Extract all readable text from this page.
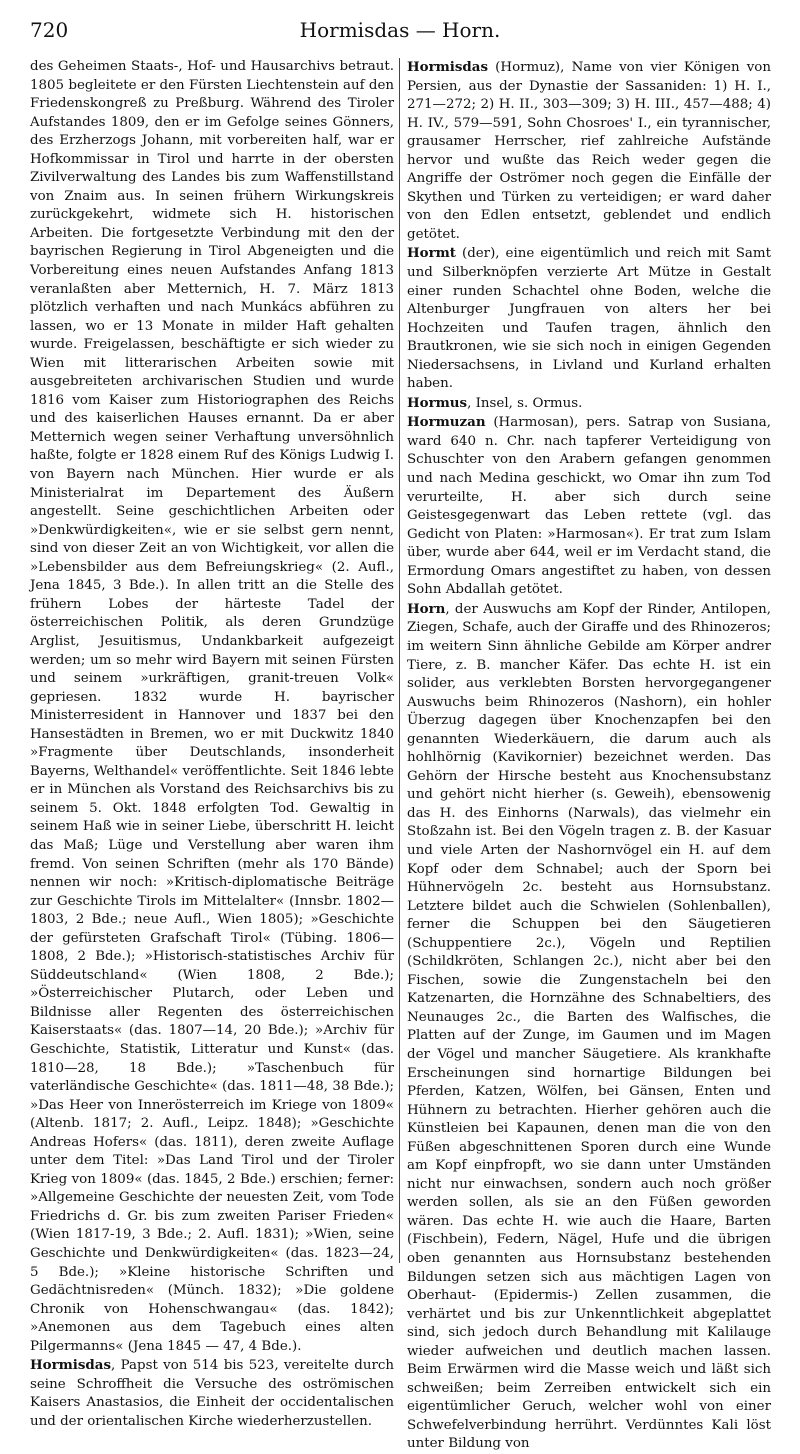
720	Hormisdas — Horn.

des Geheimen Staats-, Hof- und Hausarchivs betraut. 1805 begleitete er den Fürsten Liechtenstein auf den Friedenskongreß zu Preßburg. Während des Tiroler Aufstandes 1809, den er im Gefolge seines Gönners, des Erzherzogs Johann, mit vorbereiten half, war er Hofkommissar in Tirol und harrte in der obersten Zivilverwaltung des Landes bis zum Waffenstillstand von Znaim aus. In seinen frühern Wirkungskreis zurückgekehrt, widmete sich H. historischen Arbeiten. Die fortgesetzte Verbindung mit den der bayrischen Regierung in Tirol Abgeneigten und die Vorbereitung eines neuen Aufstandes Anfang 1813 veranlaßten aber Metternich, H. 7. März 1813 plötzlich verhaften und nach Munkács abführen zu lassen, wo er 13 Monate in milder Haft gehalten wurde. Freigelassen, beschäftigte er sich wieder zu Wien mit litterarischen Arbeiten sowie mit ausgebreiteten archivarischen Studien und wurde 1816 vom Kaiser zum Historiographen des Reichs und des kaiserlichen Hauses ernannt. Da er aber Metternich wegen seiner Verhaftung unversöhnlich haßte, folgte er 1828 einem Ruf des Königs Ludwig I. von Bayern nach München. Hier wurde er als Ministerialrat im Departement des Äußern angestellt. Seine geschichtlichen Arbeiten oder »Denkwürdigkeiten«, wie er sie selbst gern nennt, sind von dieser Zeit an von Wichtigkeit, vor allen die »Lebensbilder aus dem Befreiungskrieg« (2. Aufl., Jena 1845, 3 Bde.). In allen tritt an die Stelle des frühern Lobes der härteste Tadel der österreichischen Politik, als deren Grundzüge Arglist, Jesuitismus, Undankbarkeit aufgezeigt werden; um so mehr wird Bayern mit seinen Fürsten und seinem »urkräftigen, granit-treuen Volk« gepriesen. 1832 wurde H. bayrischer Ministerresident in Hannover und 1837 bei den Hansestädten in Bremen, wo er mit Duckwitz 1840 »Fragmente über Deutschlands, insonderheit Bayerns, Welthandel« veröffentlichte. Seit 1846 lebte er in München als Vorstand des Reichsarchivs bis zu seinem 5. Okt. 1848 erfolgten Tod. Gewaltig in seinem Haß wie in seiner Liebe, überschritt H. leicht das Maß; Lüge und Verstellung aber waren ihm fremd. Von seinen Schriften (mehr als 170 Bände) nennen wir noch: »Kritisch-diplomatische Beiträge zur Geschichte Tirols im Mittelalter« (Innsbr. 1802—1803, 2 Bde.; neue Aufl., Wien 1805); »Geschichte der gefürsteten Grafschaft Tirol« (Tübing. 1806—1808, 2 Bde.); »Historisch-statistisches Archiv für Süddeutschland« (Wien 1808, 2 Bde.); »Österreichischer Plutarch, oder Leben und Bildnisse aller Regenten des österreichischen Kaiserstaats« (das. 1807—14, 20 Bde.); »Archiv für Geschichte, Statistik, Litteratur und Kunst« (das. 1810—28, 18 Bde.); »Taschenbuch für vaterländische Geschichte« (das. 1811—48, 38 Bde.); »Das Heer von Innerösterreich im Kriege von 1809« (Altenb. 1817; 2. Aufl., Leipz. 1848); »Geschichte Andreas Hofers« (das. 1811), deren zweite Auflage unter dem Titel: »Das Land Tirol und der Tiroler Krieg von 1809« (das. 1845, 2 Bde.) erschien; ferner: »Allgemeine Geschichte der neuesten Zeit, vom Tode Friedrichs d. Gr. bis zum zweiten Pariser Frieden« (Wien 1817-19, 3 Bde.; 2. Aufl. 1831); »Wien, seine Geschichte und Denkwürdigkeiten« (das. 1823—24, 5 Bde.); »Kleine historische Schriften und Gedächtnisreden« (Münch. 1832); »Die goldene Chronik von Hohenschwangau« (das. 1842); »Anemonen aus dem Tagebuch eines alten Pilgermanns« (Jena 1845 — 47, 4 Bde.).

Hormisdas, Papst von 514 bis 523, vereitelte durch seine Schroffheit die Versuche des oströmischen Kaisers Anastasios, die Einheit der occidentalischen und der orientalischen Kirche wiederherzustellen.

Hormisdas (Hormuz), Name von vier Königen von Persien, aus der Dynastie der Sassaniden: 1) H. I., 271—272; 2) H. II., 303—309; 3) H. III., 457—488; 4) H. IV., 579—591, Sohn Chosroes' I., ein tyrannischer, grausamer Herrscher, rief zahlreiche Aufstände hervor und wußte das Reich weder gegen die Angriffe der Oströmer noch gegen die Einfälle der Skythen und Türken zu verteidigen; er ward daher von den Edlen entsetzt, geblendet und endlich getötet.

Hormt (der), eine eigentümlich und reich mit Samt und Silberknöpfen verzierte Art Mütze in Gestalt einer runden Schachtel ohne Boden, welche die Altenburger Jungfrauen von alters her bei Hochzeiten und Taufen tragen, ähnlich den Brautkronen, wie sie sich noch in einigen Gegenden Niedersachsens, in Livland und Kurland erhalten haben.

Hormus, Insel, s. Ormus.

Hormuzan (Harmosan), pers. Satrap von Susiana, ward 640 n. Chr. nach tapferer Verteidigung von Schuschter von den Arabern gefangen genommen und nach Medina geschickt, wo Omar ihn zum Tod verurteilte, H. aber sich durch seine Geistesgegenwart das Leben rettete (vgl. das Gedicht von Platen: »Harmosan«). Er trat zum Islam über, wurde aber 644, weil er im Verdacht stand, die Ermordung Omars angestiftet zu haben, von dessen Sohn Abdallah getötet.

Horn, der Auswuchs am Kopf der Rinder, Antilopen, Ziegen, Schafe, auch der Giraffe und des Rhinozeros; im weitern Sinn ähnliche Gebilde am Körper andrer Tiere, z. B. mancher Käfer. Das echte H. ist ein solider, aus verklebten Borsten hervorgegangener Auswuchs beim Rhinozeros (Nashorn), ein hohler Überzug dagegen über Knochenzapfen bei den genannten Wiederkäuern, die darum auch als hohlhörnig (Kavikornier) bezeichnet werden. Das Gehörn der Hirsche besteht aus Knochensubstanz und gehört nicht hierher (s. Geweih), ebensowenig das H. des Einhorns (Narwals), das vielmehr ein Stoßzahn ist. Bei den Vögeln tragen z. B. der Kasuar und viele Arten der Nashornvögel ein H. auf dem Kopf oder dem Schnabel; auch der Sporn bei Hühnervögeln 2c. besteht aus Hornsubstanz. Letztere bildet auch die Schwielen (Sohlenballen), ferner die Schuppen bei den Säugetieren (Schuppentiere 2c.), Vögeln und Reptilien (Schildkröten, Schlangen 2c.), nicht aber bei den Fischen, sowie die Zungenstacheln bei den Katzenarten, die Hornzähne des Schnabeltiers, des Neunauges 2c., die Barten des Walfisches, die Platten auf der Zunge, im Gaumen und im Magen der Vögel und mancher Säugetiere. Als krankhafte Erscheinungen sind hornartige Bildungen bei Pferden, Katzen, Wölfen, bei Gänsen, Enten und Hühnern zu betrachten. Hierher gehören auch die Künstleien bei Kapaunen, denen man die von den Füßen abgeschnittenen Sporen durch eine Wunde am Kopf einpfropft, wo sie dann unter Umständen nicht nur einwachsen, sondern auch noch größer werden sollen, als sie an den Füßen geworden wären. Das echte H. wie auch die Haare, Barten (Fischbein), Federn, Nägel, Hufe und die übrigen oben genannten aus Hornsubstanz bestehenden Bildungen setzen sich aus mächtigen Lagen von Oberhaut- (Epidermis-) Zellen zusammen, die verhärtet und bis zur Unkenntlichkeit abgeplattet sind, sich jedoch durch Behandlung mit Kalilauge wieder aufweichen und deutlich machen lassen. Beim Erwärmen wird die Masse weich und läßt sich schweißen; beim Zerreiben entwickelt sich ein eigentümlicher Geruch, welcher wohl von einer Schwefelverbindung herrührt. Verdünntes Kali löst unter Bildung von
